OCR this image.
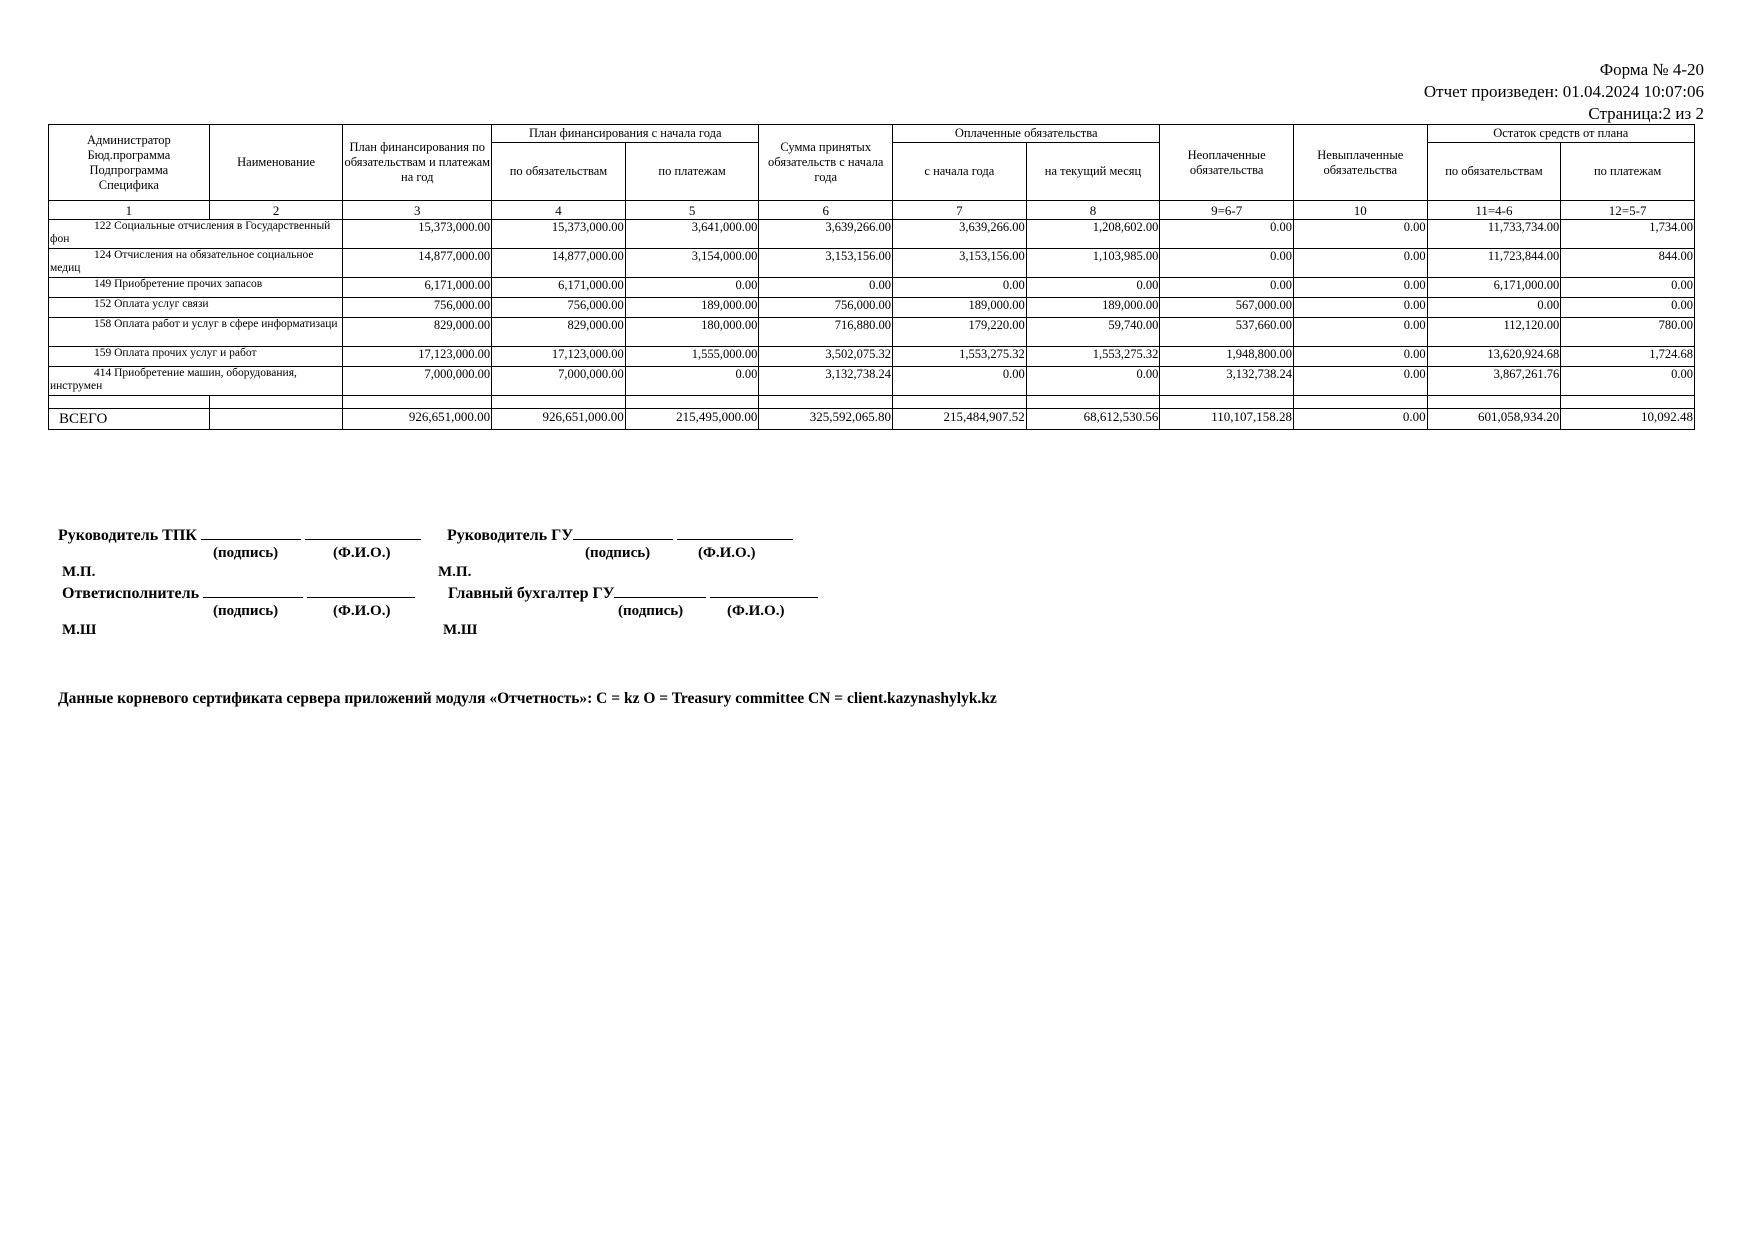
Форма № 4-20
Отчет произведен: 01.04.2024 10:07:06
Страница:2 из 2
Администратор
Бюд.программа
Подпрограмма
Специфика	Наименование	План финансирования по обязательствам и платежам на год	План финансирования с начала года		Сумма принятых обязательств с начала года	Оплаченные обязательства		Неоплаченные обязательства	Невыплаченные обязательства	Остаток средств от плана	
			по обязательствам	по платежам		с начала года	на текущий месяц			по обязательствам	по платежам
1	2	3	4	5	6	7	8	9=6-7	10	11=4-6	12=5-7
122 Социальные отчисления в Государственный фон		15,373,000.00	15,373,000.00	3,641,000.00	3,639,266.00	3,639,266.00	1,208,602.00	0.00	0.00	11,733,734.00	1,734.00
124 Отчисления на обязательное социальное медиц		14,877,000.00	14,877,000.00	3,154,000.00	3,153,156.00	3,153,156.00	1,103,985.00	0.00	0.00	11,723,844.00	844.00
149 Приобретение прочих запасов		6,171,000.00	6,171,000.00	0.00	0.00	0.00	0.00	0.00	0.00	6,171,000.00	0.00
152 Оплата услуг связи		756,000.00	756,000.00	189,000.00	756,000.00	189,000.00	189,000.00	567,000.00	0.00	0.00	0.00
158 Оплата работ и услуг в сфере информатизаци		829,000.00	829,000.00	180,000.00	716,880.00	179,220.00	59,740.00	537,660.00	0.00	112,120.00	780.00
159 Оплата прочих услуг и работ		17,123,000.00	17,123,000.00	1,555,000.00	3,502,075.32	1,553,275.32	1,553,275.32	1,948,800.00	0.00	13,620,924.68	1,724.68
414 Приобретение машин, оборудования, инструмен		7,000,000.00	7,000,000.00	0.00	3,132,738.24	0.00	0.00	3,132,738.24	0.00	3,867,261.76	0.00

ВСЕГО		926,651,000.00	926,651,000.00	215,495,000.00	325,592,065.80	215,484,907.52	68,612,530.56	110,107,158.28	0.00	601,058,934.20	10,092.48
Руководитель ТПК	Руководитель ГУ
(подпись)	(Ф.И.О.)	(подпись)	(Ф.И.О.)
М.П.	М.П.
Ответисполнитель	Главный бухгалтер ГУ
(подпись)	(Ф.И.О.)	(подпись)	(Ф.И.О.)
М.Ш	М.Ш
Данные корневого сертификата сервера приложений модуля «Отчетность»: C = kz O = Treasury committee CN = client.kazynashylyk.kz
